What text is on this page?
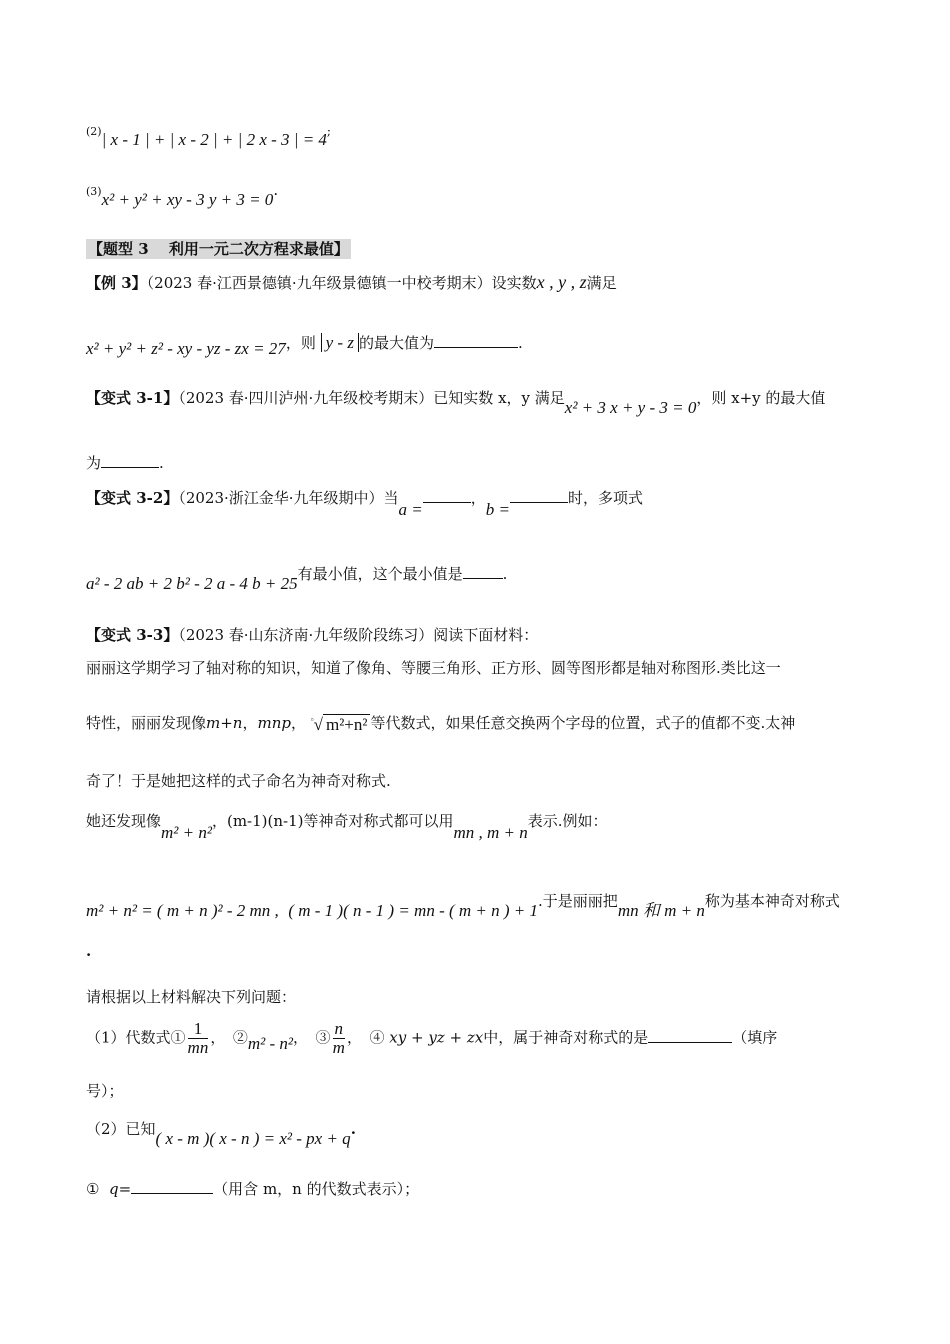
(2)| x - 1 | + | x - 2 | + | 2 x - 3 | = 4;
(3)x² + y² + xy - 3 y + 3 = 0.
【题型 3　 利用一元二次方程求最值】
【例 3】（2023 春·江西景德镇·九年级景德镇一中校考期末）设实数x , y , z满足
x² + y² + z² - xy - yz - zx = 27，则 y - z 的最大值为	.
【变式 3-1】（2023 春·四川泸州·九年级校考期末）已知实数 x，y 满足x² + 3 x + y - 3 = 0，则 x+y 的最大值
为	.
【变式 3-2】（2023·浙江金华·九年级期中）当a =，b =时，多项式
a² - 2 ab + 2 b² - 2 a - 4 b + 25有最小值，这个最小值是	.
【变式 3-3】（2023 春·山东济南·九年级阶段练习）阅读下面材料：
丽丽这学期学习了轴对称的知识，知道了像角、等腰三角形、正方形、圆等图形都是轴对称图形.类比这一
特性，丽丽发现像m+n，mnp， ▫√ m²+n² 等代数式，如果任意交换两个字母的位置，式子的值都不变.太神
奇了！于是她把这样的式子命名为神奇对称式.
她还发现像m² + n²，(m-1)(n-1)等神奇对称式都可以用mn , m + n表示.例如：
m² + n² = ( m + n )² - 2 mn , ( m - 1 )( n - 1 ) = mn - ( m + n ) + 1.于是丽丽把mn 和 m + n称为基本神奇对称式
.
请根据以上材料解决下列问题：
（1）代数式① $\frac{1}{mn}$ ，　②m² - n²，　③ $\frac{n}{m}$ ，　④ xy + yz + zx中，属于神奇对称式的是	（填序
号）；
（2）已知( x - m )( x - n ) = x² - px + q.
① q=	（用含 m，n 的代数式表示）；
